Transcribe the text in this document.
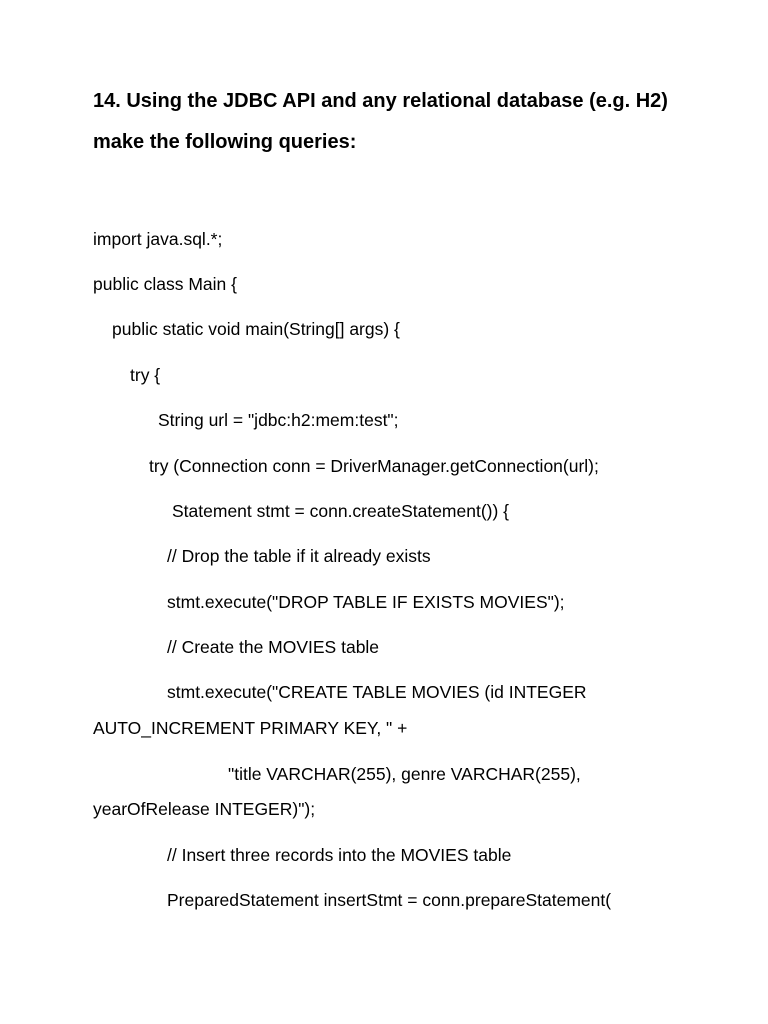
14. Using the JDBC API and any relational database (e.g. H2)
make the following queries:
import java.sql.*;
public class Main {
public static void main(String[] args) {
try {
String url = "jdbc:h2:mem:test";
try (Connection conn = DriverManager.getConnection(url);
Statement stmt = conn.createStatement()) {
// Drop the table if it already exists
stmt.execute("DROP TABLE IF EXISTS MOVIES");
// Create the MOVIES table
stmt.execute("CREATE TABLE MOVIES (id INTEGER
AUTO_INCREMENT PRIMARY KEY, " +
"title VARCHAR(255), genre VARCHAR(255),
yearOfRelease INTEGER)");
// Insert three records into the MOVIES table
PreparedStatement insertStmt = conn.prepareStatement(
